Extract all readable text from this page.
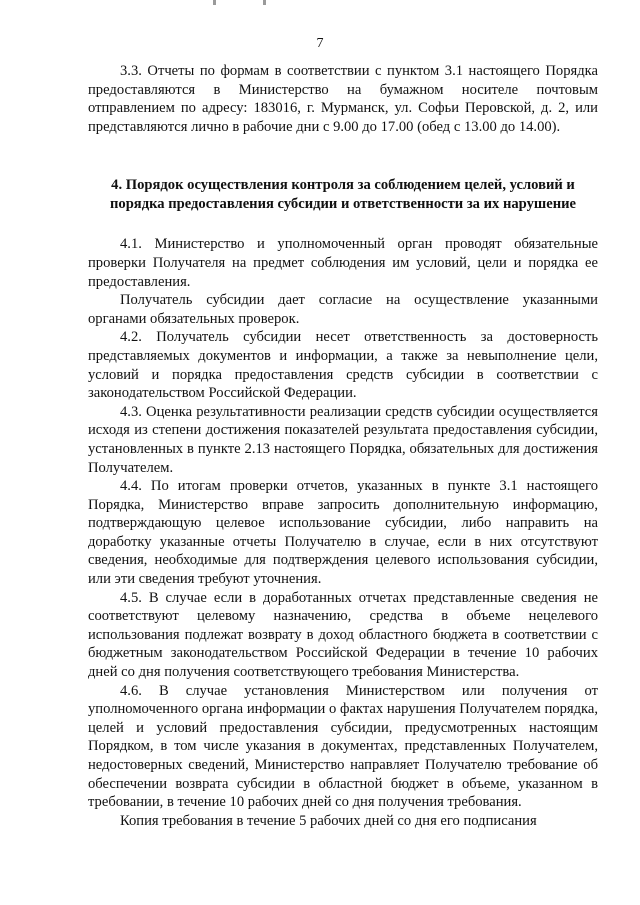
7

3.3. Отчеты по формам в соответствии с пунктом 3.1 настоящего Порядка предоставляются в Министерство на бумажном носителе почтовым отправлением по адресу: 183016, г. Мурманск, ул. Софьи Перовской, д. 2, или представляются лично в рабочие дни с 9.00 до 17.00 (обед с 13.00 до 14.00).

4. Порядок осуществления контроля за соблюдением целей, условий и порядка предоставления субсидии и ответственности за их нарушение

4.1. Министерство и уполномоченный орган проводят обязательные проверки Получателя на предмет соблюдения им условий, цели и порядка ее предоставления.

Получатель субсидии дает согласие на осуществление указанными органами обязательных проверок.

4.2. Получатель субсидии несет ответственность за достоверность представляемых документов и информации, а также за невыполнение цели, условий и порядка предоставления средств субсидии в соответствии с законодательством Российской Федерации.

4.3. Оценка результативности реализации средств субсидии осуществляется исходя из степени достижения показателей результата предоставления субсидии, установленных в пункте 2.13 настоящего Порядка, обязательных для достижения Получателем.

4.4. По итогам проверки отчетов, указанных в пункте 3.1 настоящего Порядка, Министерство вправе запросить дополнительную информацию, подтверждающую целевое использование субсидии, либо направить на доработку указанные отчеты Получателю в случае, если в них отсутствуют сведения, необходимые для подтверждения целевого использования субсидии, или эти сведения требуют уточнения.

4.5. В случае если в доработанных отчетах представленные сведения не соответствуют целевому назначению, средства в объеме нецелевого использования подлежат возврату в доход областного бюджета в соответствии с бюджетным законодательством Российской Федерации в течение 10 рабочих дней со дня получения соответствующего требования Министерства.

4.6. В случае установления Министерством или получения от уполномоченного органа информации о фактах нарушения Получателем порядка, целей и условий предоставления субсидии, предусмотренных настоящим Порядком, в том числе указания в документах, представленных Получателем, недостоверных сведений, Министерство направляет Получателю требование об обеспечении возврата субсидии в областной бюджет в объеме, указанном в требовании, в течение 10 рабочих дней со дня получения требования.

Копия требования в течение 5 рабочих дней со дня его подписания
